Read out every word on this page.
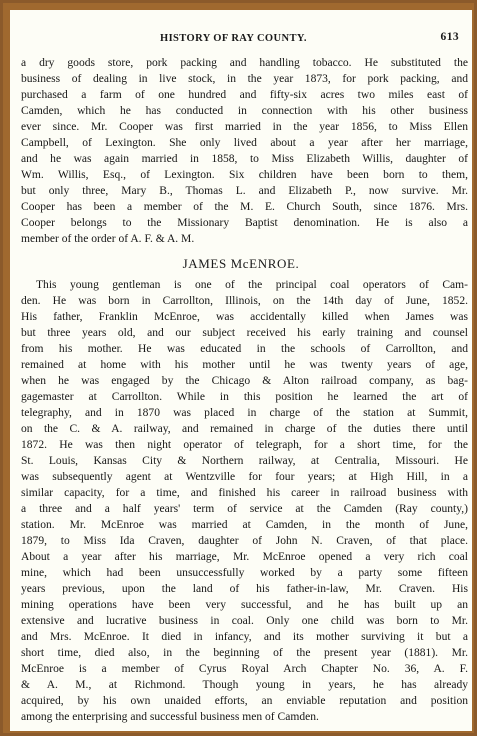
HISTORY OF RAY COUNTY.	613
a dry goods store, pork packing and handling tobacco. He substituted the
business of dealing in live stock, in the year 1873, for pork packing, and
purchased a farm of one hundred and fifty-six acres two miles east of
Camden, which he has conducted in connection with his other business
ever since. Mr. Cooper was first married in the year 1856, to Miss Ellen
Campbell, of Lexington. She only lived about a year after her marriage,
and he was again married in 1858, to Miss Elizabeth Willis, daughter of
Wm. Willis, Esq., of Lexington. Six children have been born to them,
but only three, Mary B., Thomas L. and Elizabeth P., now survive. Mr.
Cooper has been a member of the M. E. Church South, since 1876. Mrs.
Cooper belongs to the Missionary Baptist denomination. He is also a
member of the order of A. F. & A. M.
JAMES McENROE.
This young gentleman is one of the principal coal operators of Cam-
den. He was born in Carrollton, Illinois, on the 14th day of June, 1852.
His father, Franklin McEnroe, was accidentally killed when James was
but three years old, and our subject received his early training and counsel
from his mother. He was educated in the schools of Carrollton, and
remained at home with his mother until he was twenty years of age,
when he was engaged by the Chicago & Alton railroad company, as bag-
gagemaster at Carrollton. While in this position he learned the art of
telegraphy, and in 1870 was placed in charge of the station at Summit,
on the C. & A. railway, and remained in charge of the duties there until
1872. He was then night operator of telegraph, for a short time, for the
St. Louis, Kansas City & Northern railway, at Centralia, Missouri. He
was subsequently agent at Wentzville for four years; at High Hill, in a
similar capacity, for a time, and finished his career in railroad business with
a three and a half years' term of service at the Camden (Ray county,)
station. Mr. McEnroe was married at Camden, in the month of June,
1879, to Miss Ida Craven, daughter of John N. Craven, of that place.
About a year after his marriage, Mr. McEnroe opened a very rich coal
mine, which had been unsuccessfully worked by a party some fifteen
years previous, upon the land of his father-in-law, Mr. Craven. His
mining operations have been very successful, and he has built up an
extensive and lucrative business in coal. Only one child was born to Mr.
and Mrs. McEnroe. It died in infancy, and its mother surviving it but a
short time, died also, in the beginning of the present year (1881). Mr.
McEnroe is a member of Cyrus Royal Arch Chapter No. 36, A. F.
& A. M., at Richmond. Though young in years, he has already
acquired, by his own unaided efforts, an enviable reputation and position
among the enterprising and successful business men of Camden.
